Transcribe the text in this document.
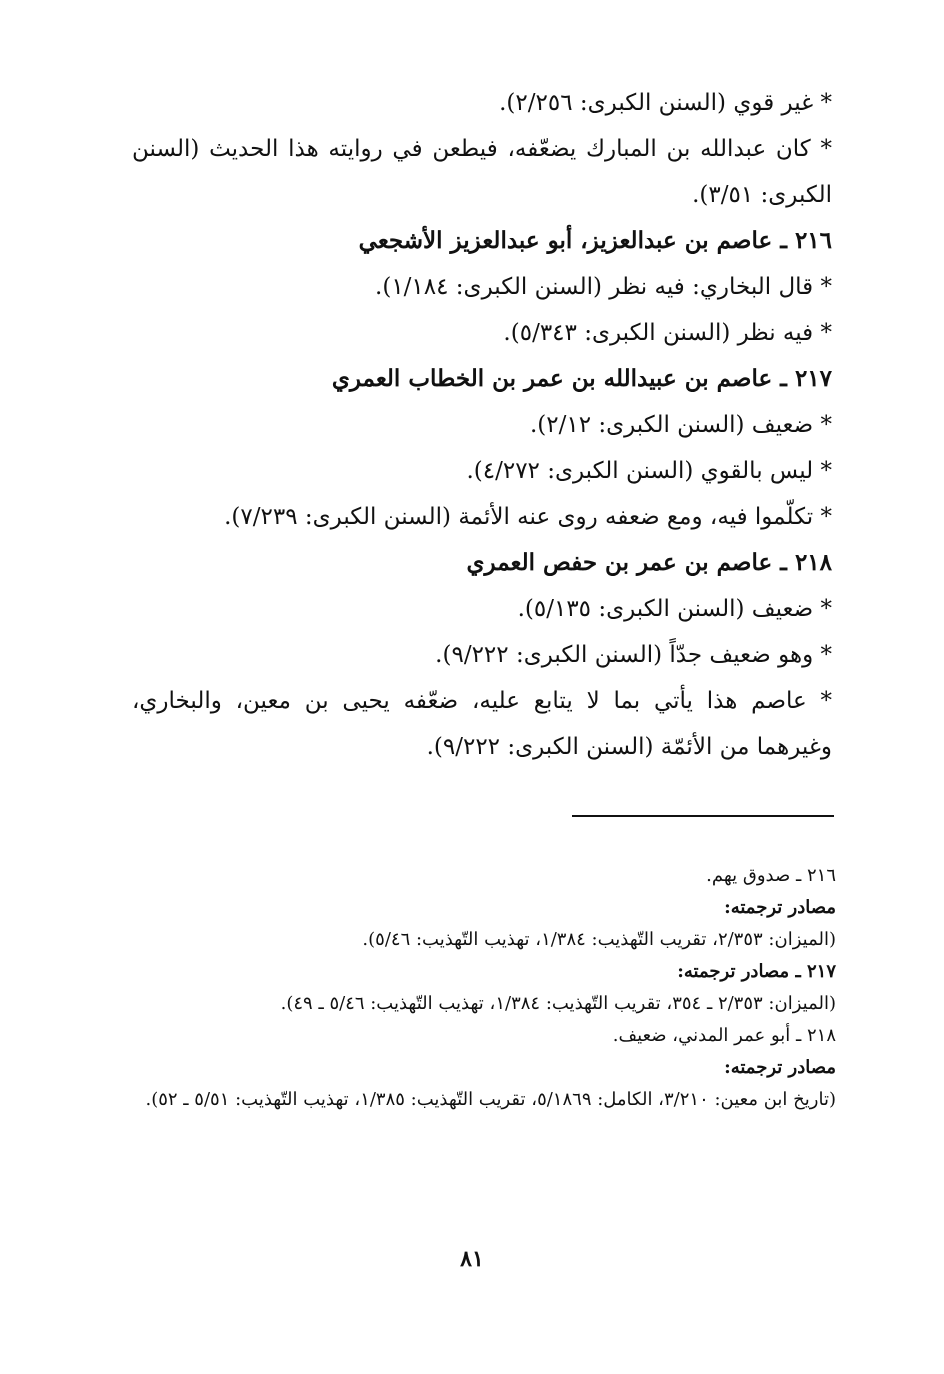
* غير قوي (السنن الكبرى: ٢/٢٥٦).

* كان عبدالله بن المبارك يضعّفه، فيطعن في روايته هذا الحديث (السنن الكبرى: ٣/٥١).

٢١٦ ـ عاصم بن عبدالعزيز، أبو عبدالعزيز الأشجعي

* قال البخاري: فيه نظر (السنن الكبرى: ١/١٨٤).

* فيه نظر (السنن الكبرى: ٥/٣٤٣).

٢١٧ ـ عاصم بن عبيدالله بن عمر بن الخطاب العمري

* ضعيف (السنن الكبرى: ٢/١٢).

* ليس بالقوي (السنن الكبرى: ٤/٢٧٢).

* تكلّموا فيه، ومع ضعفه روى عنه الأئمة (السنن الكبرى: ٧/٢٣٩).

٢١٨ ـ عاصم بن عمر بن حفص العمري

* ضعيف (السنن الكبرى: ٥/١٣٥).

* وهو ضعيف جدّاً (السنن الكبرى: ٩/٢٢٢).

* عاصم هذا يأتي بما لا يتابع عليه، ضعّفه يحيى بن معين، والبخاري، وغيرهما من الأئمّة (السنن الكبرى: ٩/٢٢٢).

٢١٦ ـ صدوق يهم.

مصادر ترجمته:

(الميزان: ٢/٣٥٣، تقريب التّهذيب: ١/٣٨٤، تهذيب التّهذيب: ٥/٤٦).

٢١٧ ـ مصادر ترجمته:

(الميزان: ٢/٣٥٣ ـ ٣٥٤، تقريب التّهذيب: ١/٣٨٤، تهذيب التّهذيب: ٥/٤٦ ـ ٤٩).

٢١٨ ـ أبو عمر المدني، ضعيف.

مصادر ترجمته:

(تاريخ ابن معين: ٣/٢١٠، الكامل: ٥/١٨٦٩، تقريب التّهذيب: ١/٣٨٥، تهذيب التّهذيب: ٥/٥١ ـ ٥٢).

٨١
